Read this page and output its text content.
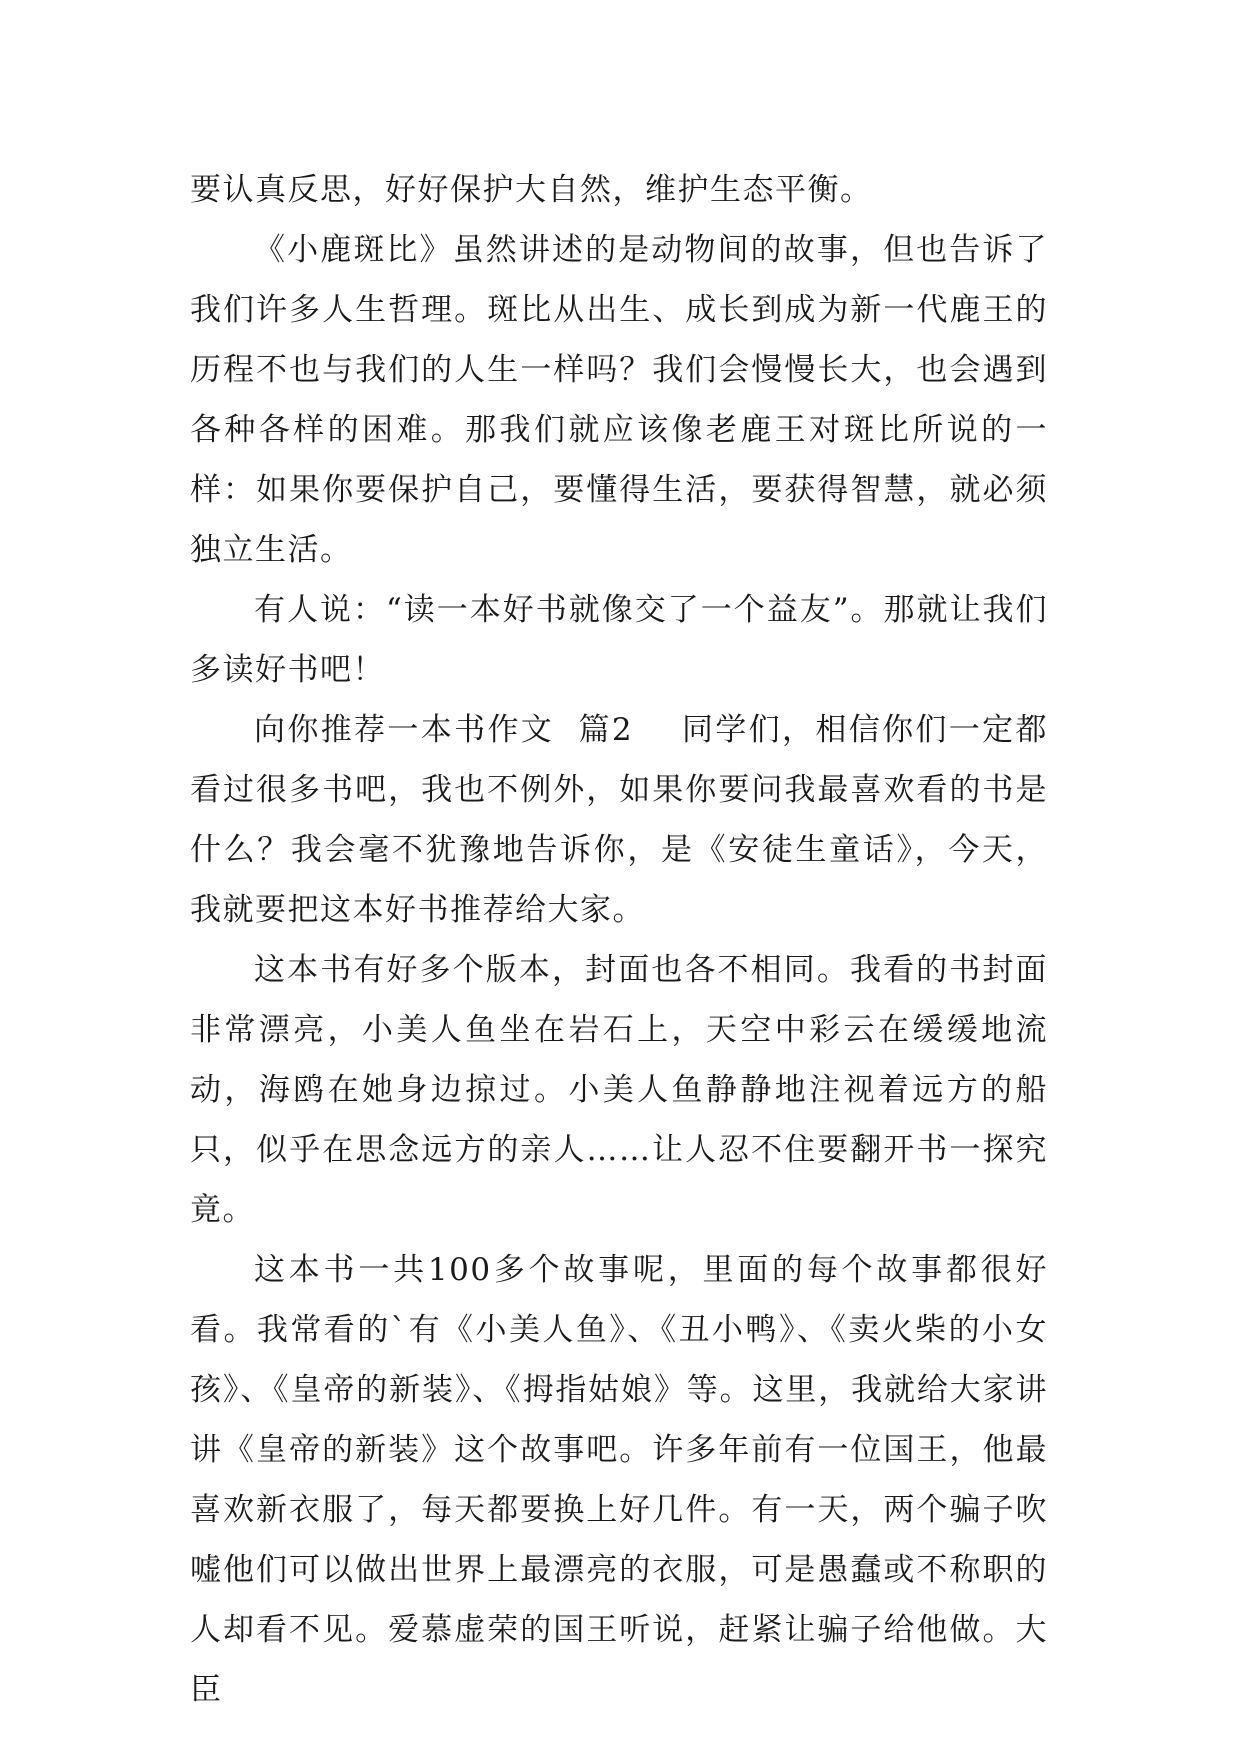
要认真反思，好好保护大自然，维护生态平衡。

《小鹿斑比》虽然讲述的是动物间的故事，但也告诉了我们许多人生哲理。斑比从出生、成长到成为新一代鹿王的历程不也与我们的人生一样吗？我们会慢慢长大，也会遇到各种各样的困难。那我们就应该像老鹿王对斑比所说的一样：如果你要保护自己，要懂得生活，要获得智慧，就必须独立生活。

有人说：“读一本好书就像交了一个益友”。那就让我们多读好书吧！

向你推荐一本书作文  篇2    同学们，相信你们一定都看过很多书吧，我也不例外，如果你要问我最喜欢看的书是什么？我会毫不犹豫地告诉你，是《安徒生童话》，今天，我就要把这本好书推荐给大家。

这本书有好多个版本，封面也各不相同。我看的书封面非常漂亮，小美人鱼坐在岩石上，天空中彩云在缓缓地流动，海鸥在她身边掠过。小美人鱼静静地注视着远方的船只，似乎在思念远方的亲人……让人忍不住要翻开书一探究竟。

这本书一共100多个故事呢，里面的每个故事都很好看。我常看的`有《小美人鱼》、《丑小鸭》、《卖火柴的小女孩》、《皇帝的新装》、《拇指姑娘》等。这里，我就给大家讲讲《皇帝的新装》这个故事吧。许多年前有一位国王，他最喜欢新衣服了，每天都要换上好几件。有一天，两个骗子吹嘘他们可以做出世界上最漂亮的衣服，可是愚蠢或不称职的人却看不见。爱慕虚荣的国王听说，赶紧让骗子给他做。大臣
